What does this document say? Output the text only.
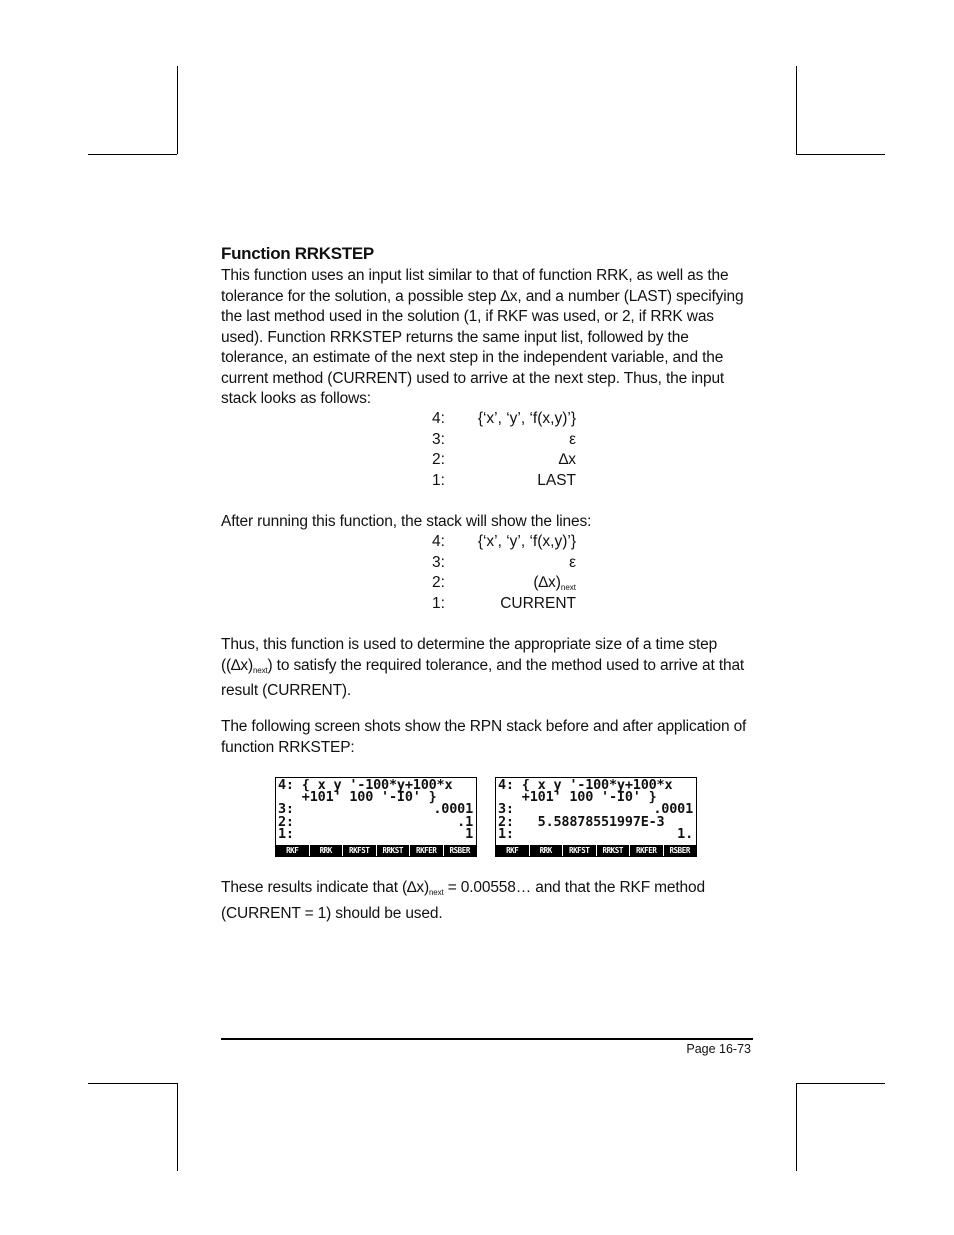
Function RRKSTEP

This function uses an input list similar to that of function RRK, as well as the tolerance for the solution, a possible step ∆x, and a number (LAST) specifying the last method used in the solution (1, if RKF was used, or 2, if RRK was used). Function RRKSTEP returns the same input list, followed by the tolerance, an estimate of the next step in the independent variable, and the current method (CURRENT) used to arrive at the next step. Thus, the input stack looks as follows:

4: {‘x’, ‘y’, ‘f(x,y)’}
3:	ε
2:	∆x
1:	LAST

After running this function, the stack will show the lines:

4: {‘x’, ‘y’, ‘f(x,y)’}
3:	ε
2:	$(\Delta x)_{next}$
1:	CURRENT

Thus, this function is used to determine the appropriate size of a time step $((\Delta x)_{next})$ to satisfy the required tolerance, and the method used to arrive at that result (CURRENT).

The following screen shots show the RPN stack before and after application of function RRKSTEP:

4: { x y '-100*y+100*x
+101' 100 '-I0' }
3:	.0001
2:	.1
1:	1
RKF	RRK	RKFST	RRKST	RKFER	RSBER
4: { x y '-100*y+100*x
+101' 100 '-I0' }
3:	.0001
2:   5.58878551997E-3
1:	1.
RKF	RRK	RKFST	RRKST	RKFER	RSBER

These results indicate that $(\Delta x)_{next}$ = 0.00558… and that the RKF method (CURRENT = 1) should be used.

Page 16-73
